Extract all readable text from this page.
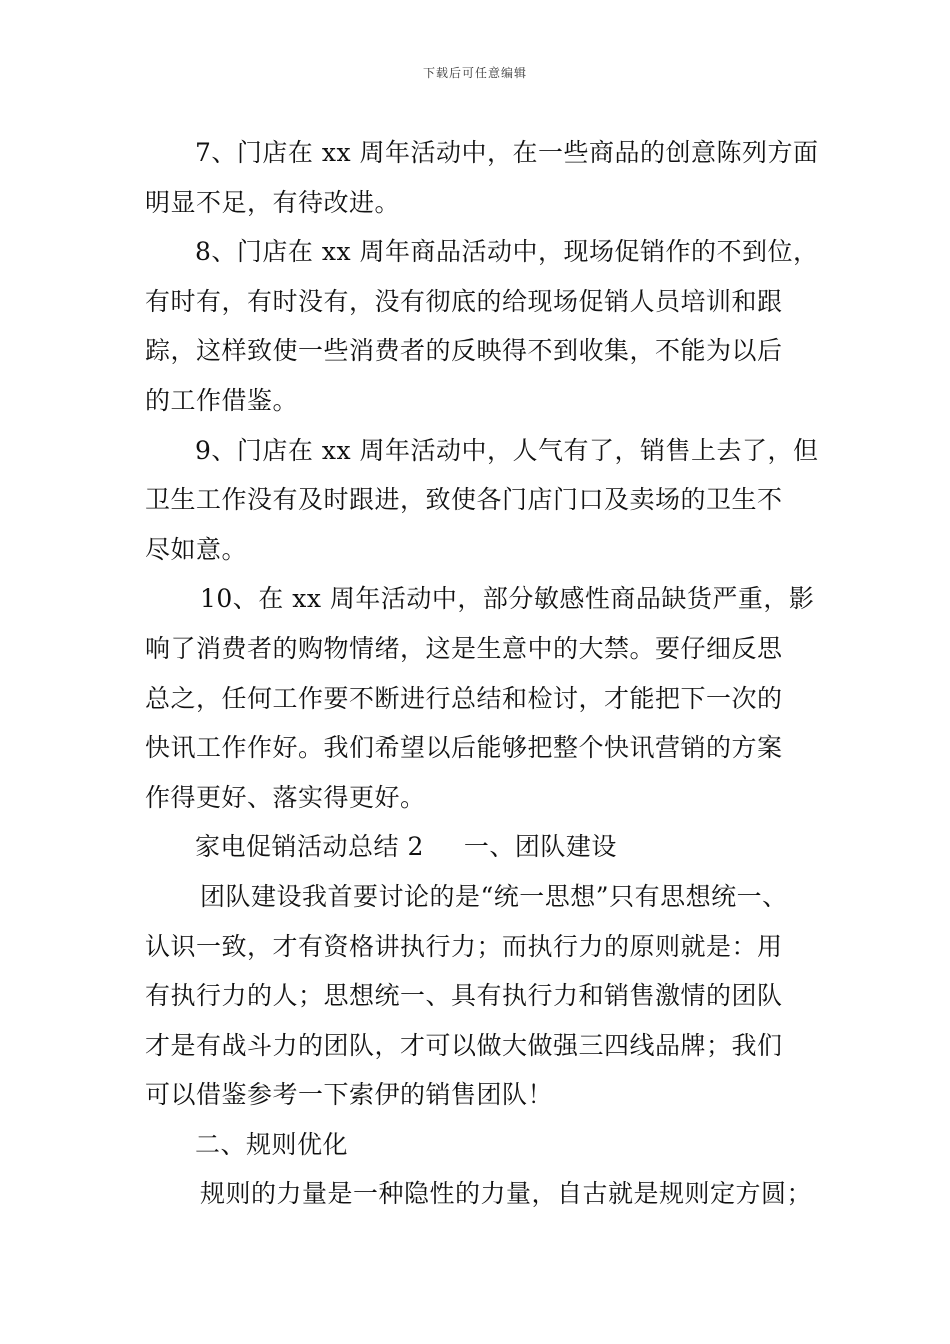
下载后可任意编辑
7、门店在 xx 周年活动中，在一些商品的创意陈列方面
明显不足，有待改进。
8、门店在 xx 周年商品活动中，现场促销作的不到位，
有时有，有时没有，没有彻底的给现场促销人员培训和跟
踪，这样致使一些消费者的反映得不到收集，不能为以后
的工作借鉴。
9、门店在 xx 周年活动中，人气有了，销售上去了，但
卫生工作没有及时跟进，致使各门店门口及卖场的卫生不
尽如意。
10、在 xx 周年活动中，部分敏感性商品缺货严重，影
响了消费者的购物情绪，这是生意中的大禁。要仔细反思
总之，任何工作要不断进行总结和检讨，才能把下一次的
快讯工作作好。我们希望以后能够把整个快讯营销的方案
作得更好、落实得更好。
家电促销活动总结 2 一、团队建设
团队建设我首要讨论的是“统一思想”只有思想统一、
认识一致，才有资格讲执行力；而执行力的原则就是：用
有执行力的人；思想统一、具有执行力和销售激情的团队
才是有战斗力的团队，才可以做大做强三四线品牌；我们
可以借鉴参考一下索伊的销售团队！
二、规则优化
规则的力量是一种隐性的力量，自古就是规则定方圆；
